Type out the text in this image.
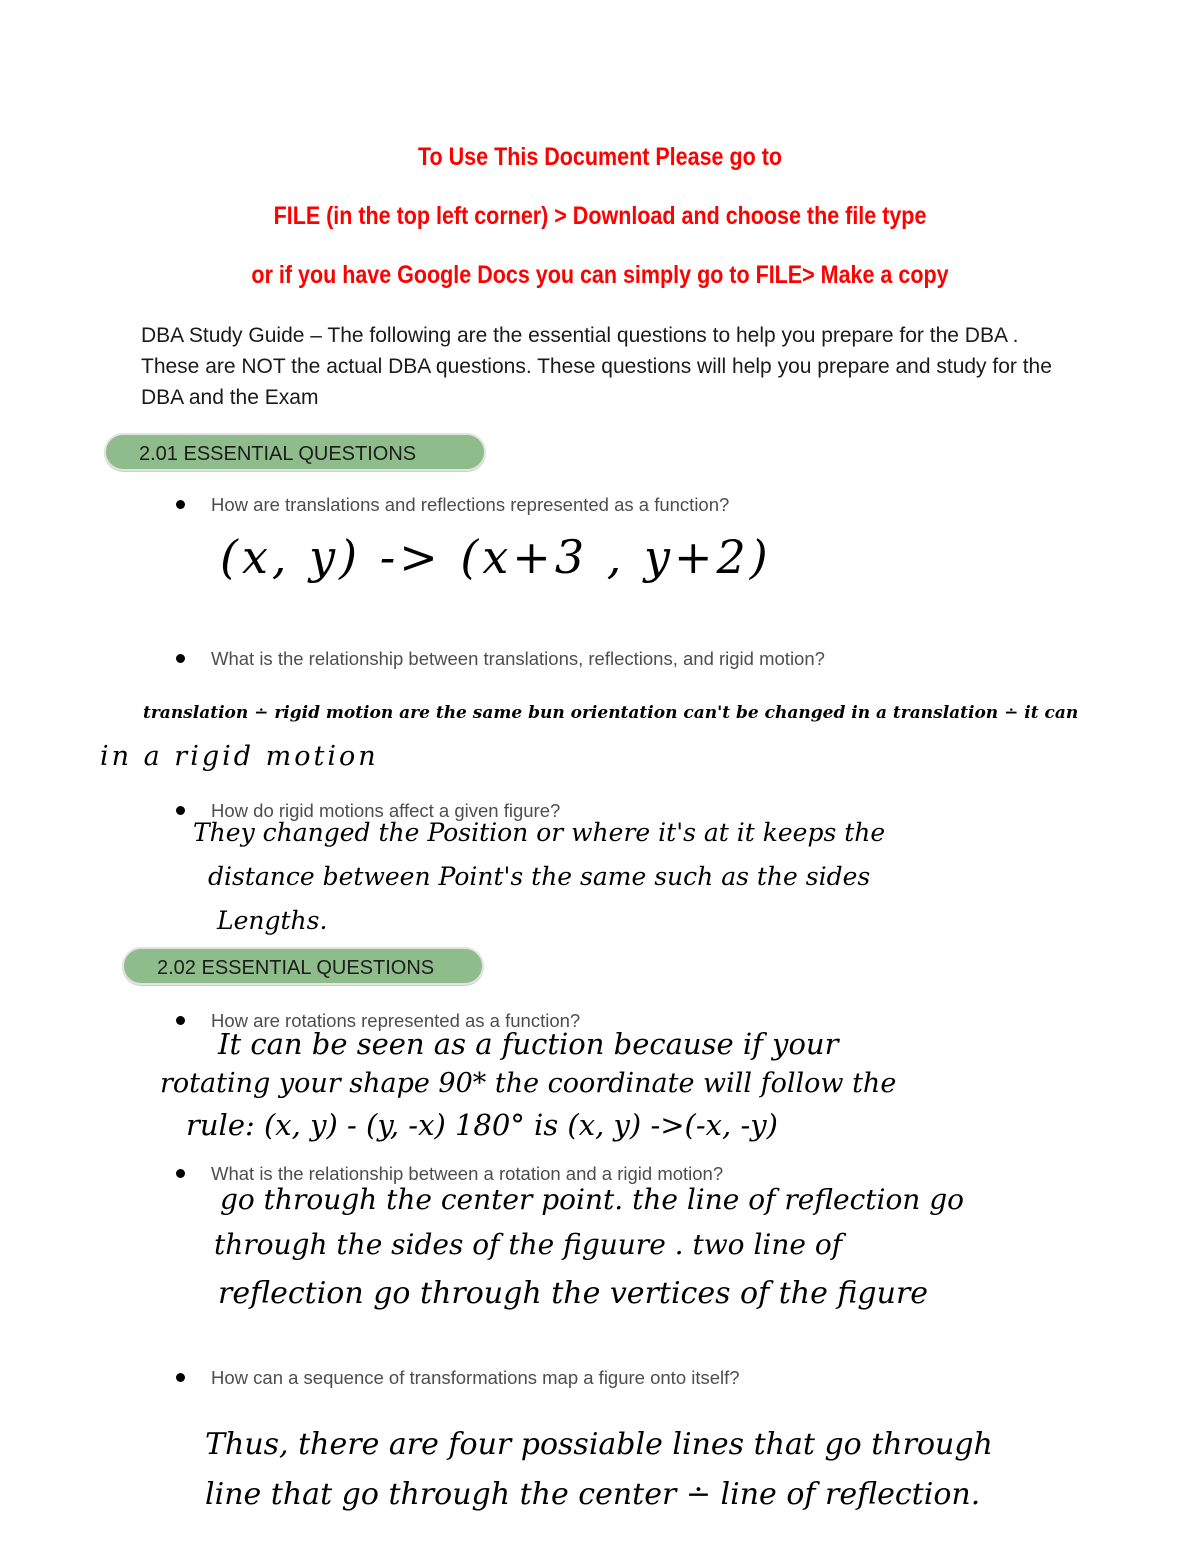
To Use This Document Please go to
FILE (in the top left corner) > Download and choose the file type
or if you have Google Docs you can simply go to FILE> Make a copy
DBA Study Guide – The following are the essential questions to help you prepare for the DBA . These are NOT the actual DBA questions. These questions will help you prepare and study for the DBA and the Exam
2.01 ESSENTIAL QUESTIONS
How are translations and reflections represented as a function?
(x, y) -> (x+3 , y+2)
What is the relationship between translations, reflections, and rigid motion?
translation ∸ rigid motion are the same bun orientation can't be changed in a translation ∸ it can
in a rigid motion
How do rigid motions affect a given figure?
They changed the Position or where it's at it keeps the
distance between Point's the same such as the sides
Lengths.
2.02 ESSENTIAL QUESTIONS
How are rotations represented as a function?
It can be seen as a fuction because if your
rotating your shape 90* the coordinate will follow the
rule: (x, y) - (y, -x) 180° is (x, y) ->(-x, -y)
What is the relationship between a rotation and a rigid motion?
go through the center point. the line of reflection go
through the sides of the figuure . two line of
reflection go through the vertices of the figure
How can a sequence of transformations map a figure onto itself?
Thus, there are four possiable lines that go through
line that go through the center ∸ line of reflection.
